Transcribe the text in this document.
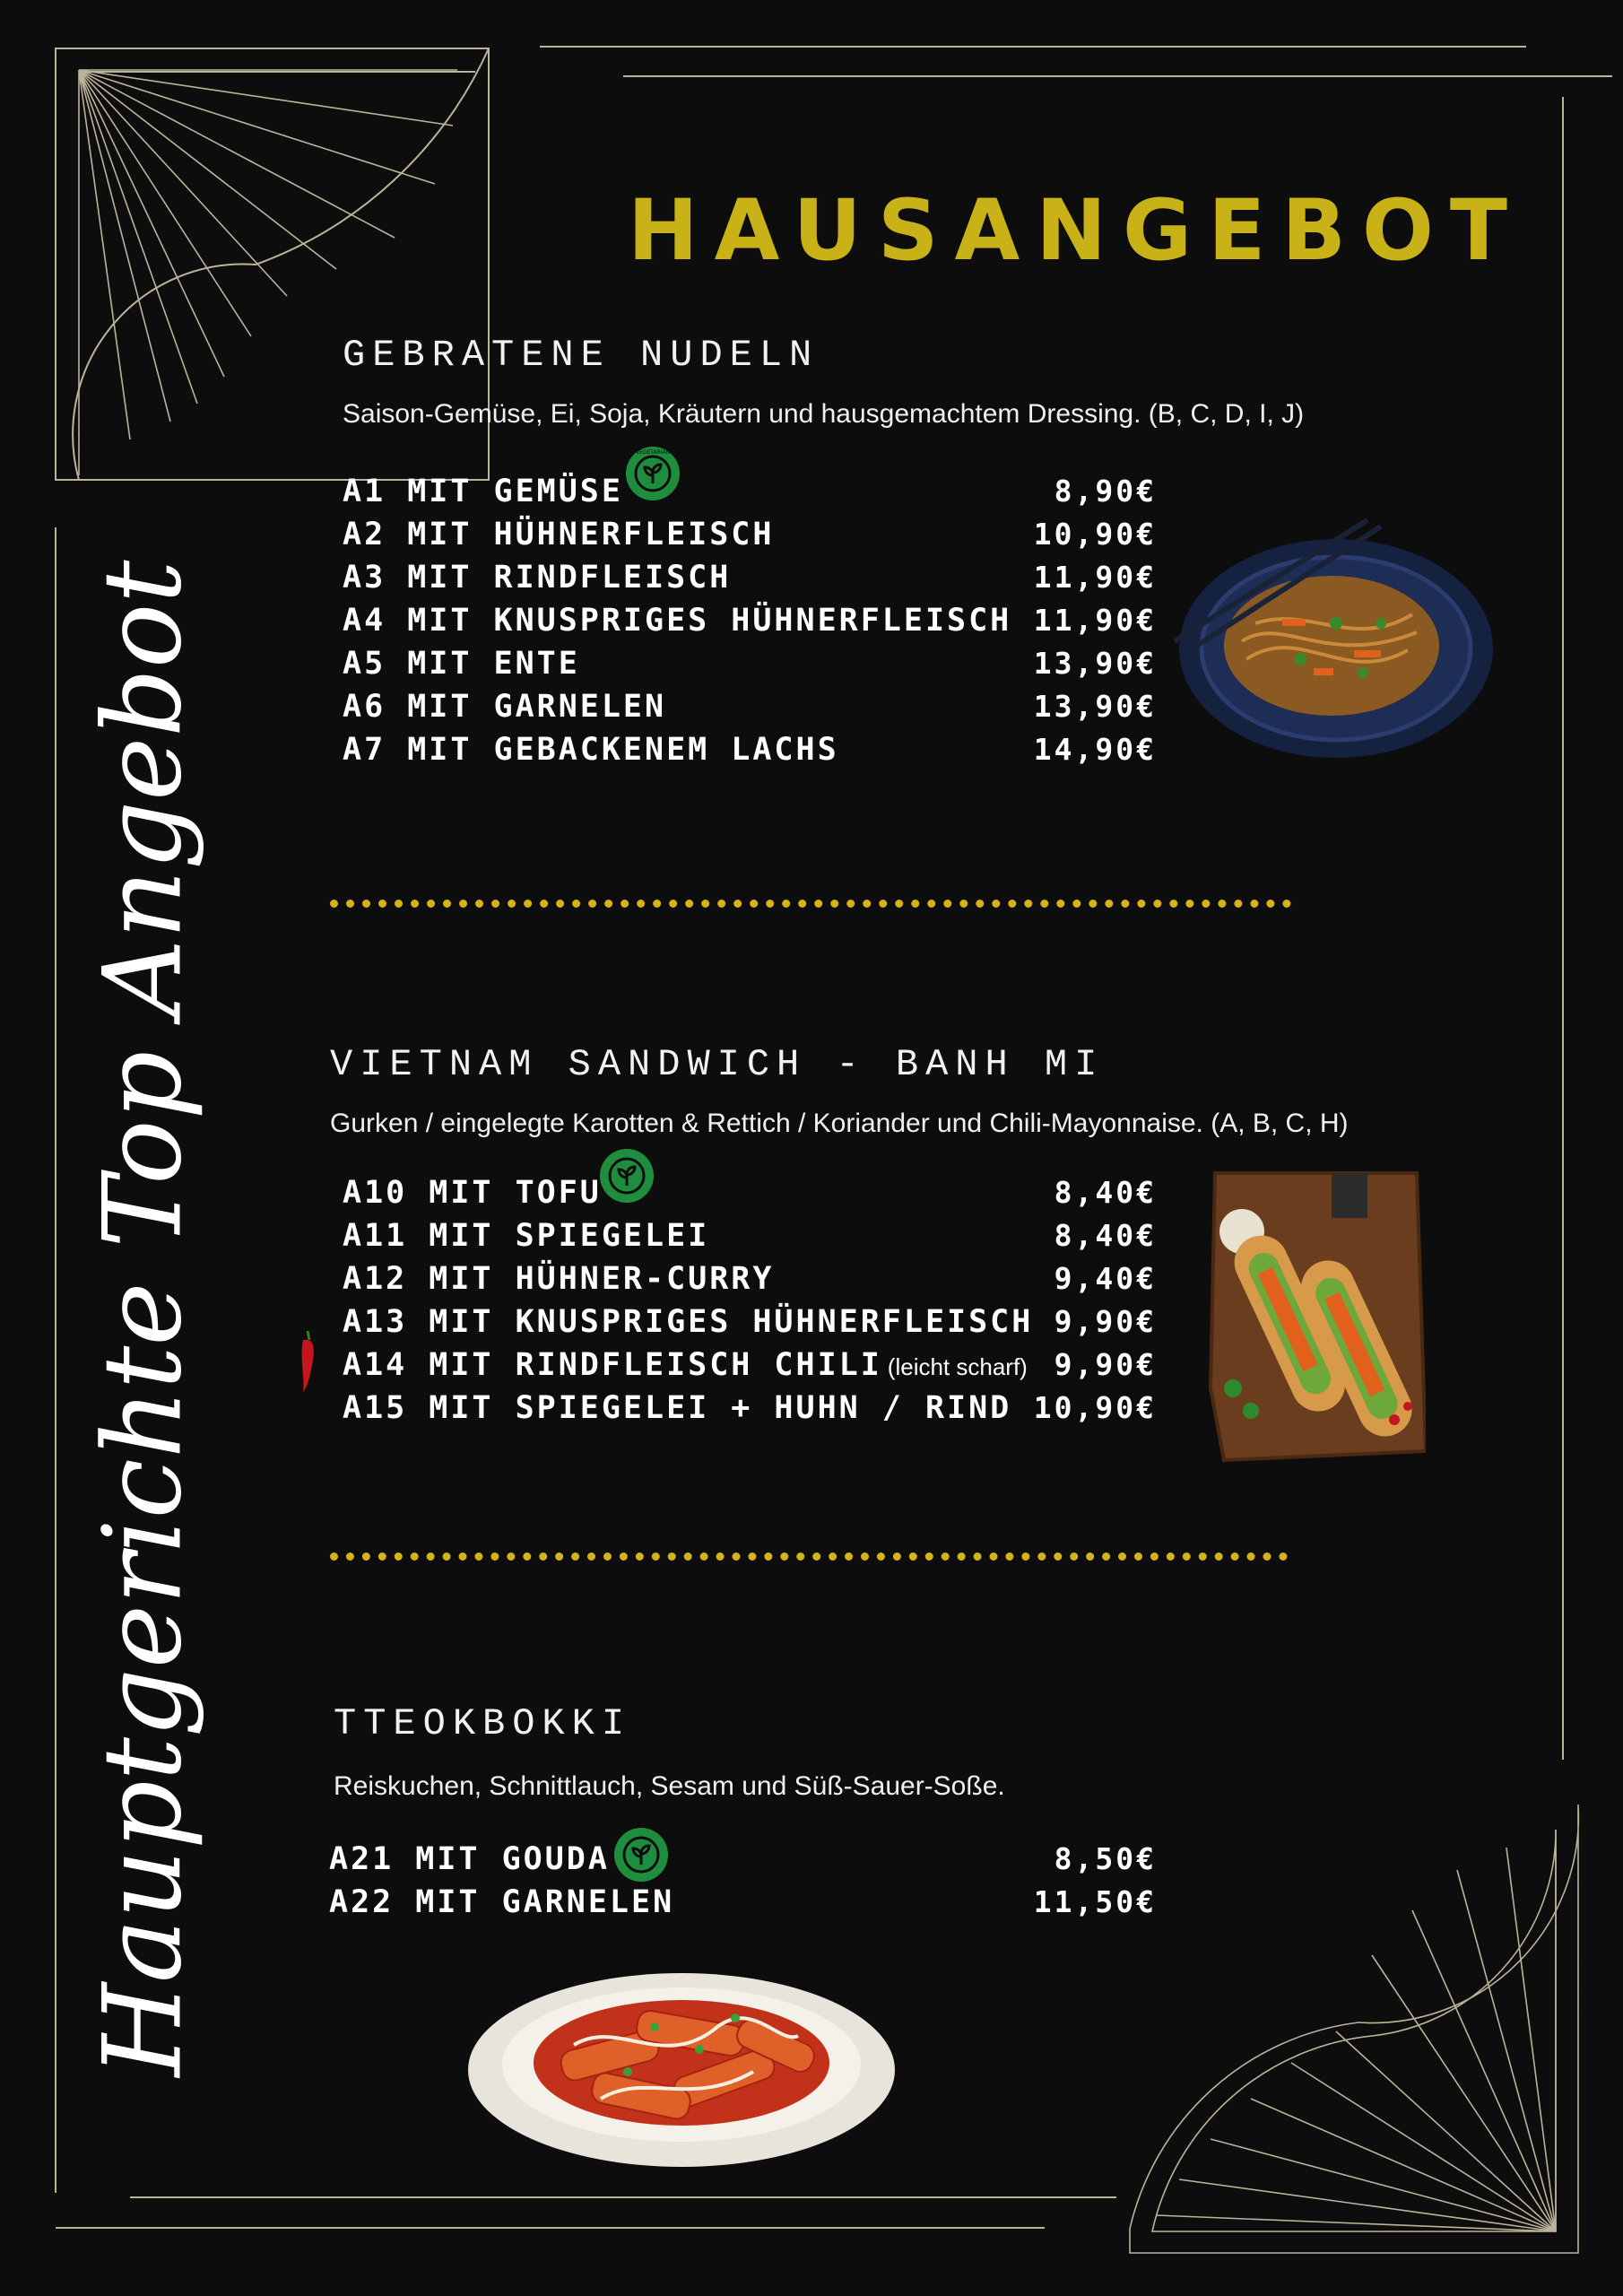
HAUSANGEBOT
Hauptgerichte Top Angebot
GEBRATENE NUDELN

Saison-Gemüse, Ei, Soja, Kräutern und hausgemachtem Dressing. (B, C, D, I, J)

A1 MIT GEMÜSE	8,90€
A2 MIT HÜHNERFLEISCH	10,90€
A3 MIT RINDFLEISCH	11,90€
A4 MIT KNUSPRIGES HÜHNERFLEISCH 11,90€
A5 MIT ENTE	13,90€
A6 MIT GARNELEN	13,90€
A7 MIT GEBACKENEM LACHS	14,90€
VEGETARIAN
VIETNAM SANDWICH - BANH MI

Gurken / eingelegte Karotten & Rettich / Koriander und Chili-Mayonnaise. (A, B, C, H)

A10 MIT TOFU	8,40€
A11 MIT SPIEGELEI	8,40€
A12 MIT HÜHNER-CURRY	9,40€
A13 MIT KNUSPRIGES HÜHNERFLEISCH 9,90€
A14 MIT RINDFLEISCH CHILI (leicht scharf) 9,90€
A15 MIT SPIEGELEI + HUHN / RIND 10,90€
TTEOKBOKKI

Reiskuchen, Schnittlauch, Sesam und Süß-Sauer-Soße.

A21 MIT GOUDA	8,50€
A22 MIT GARNELEN	11,50€
